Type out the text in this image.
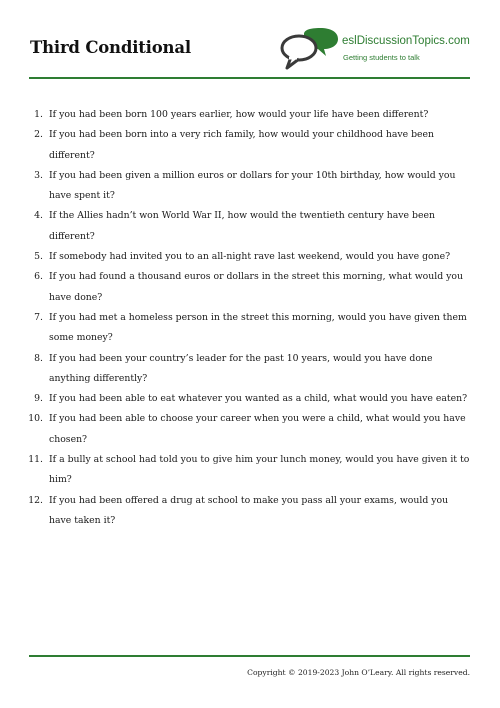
Third Conditional	eslDiscussionTopics.com
Getting students to talk
1. If you had been born 100 years earlier, how would your life have been different?
2. If you had been born into a very rich family, how would your childhood have been different?
3. If you had been given a million euros or dollars for your 10th birthday, how would you have spent it?
4. If the Allies hadn’t won World War II, how would the twentieth century have been different?
5. If somebody had invited you to an all-night rave last weekend, would you have gone?
6. If you had found a thousand euros or dollars in the street this morning, what would you have done?
7. If you had met a homeless person in the street this morning, would you have given them some money?
8. If you had been your country’s leader for the past 10 years, would you have done anything differently?
9. If you had been able to eat whatever you wanted as a child, what would you have eaten?
10. If you had been able to choose your career when you were a child, what would you have chosen?
11. If a bully at school had told you to give him your lunch money, would you have given it to him?
12. If you had been offered a drug at school to make you pass all your exams, would you have taken it?
Copyright © 2019-2023 John O’Leary. All rights reserved.
